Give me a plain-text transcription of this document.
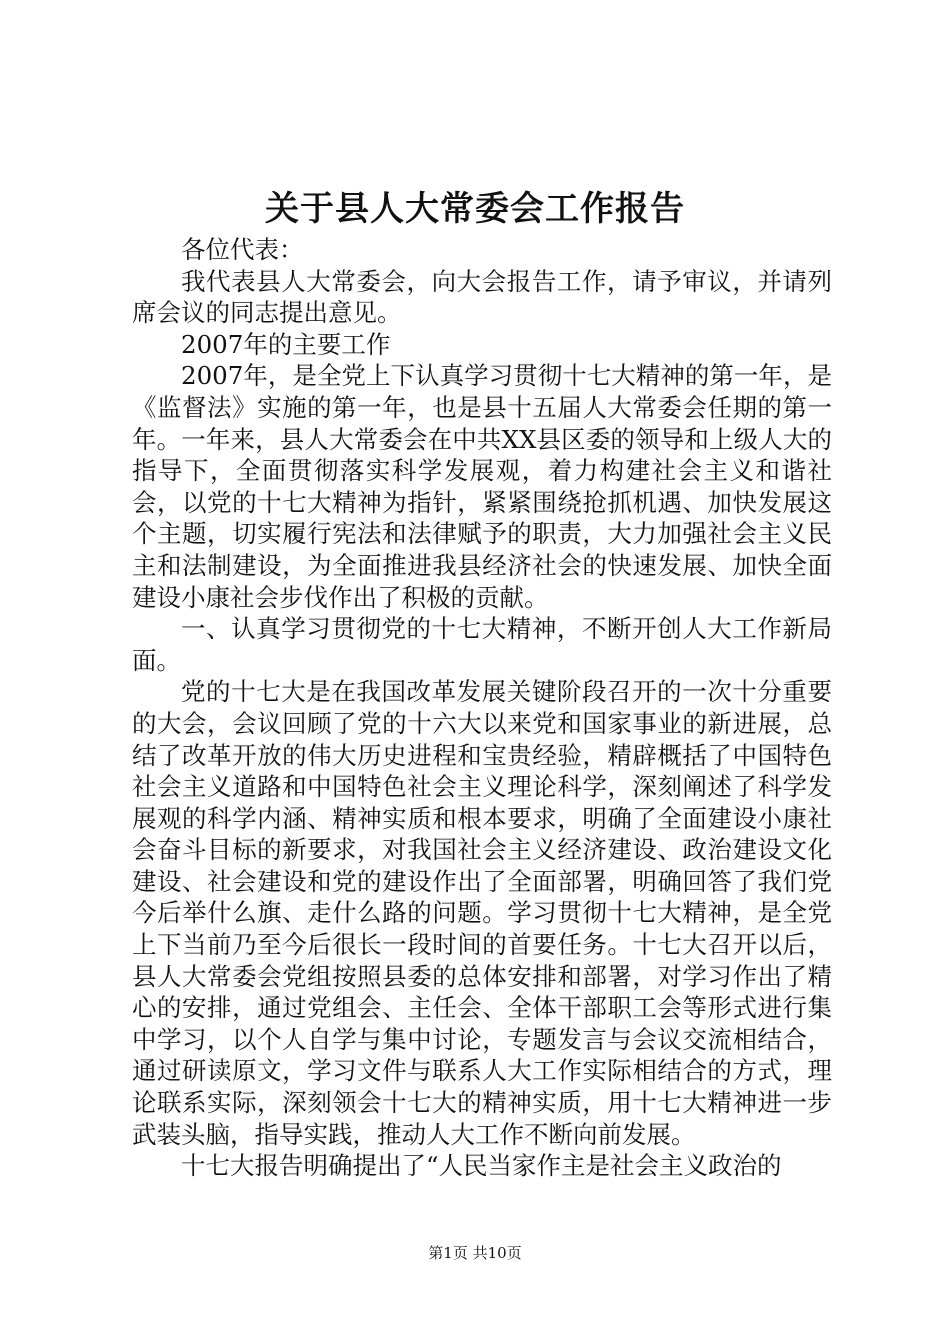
关于县人大常委会工作报告

各位代表：

我代表县人大常委会，向大会报告工作，请予审议，并请列席会议的同志提出意见。

2007年的主要工作

2007年，是全党上下认真学习贯彻十七大精神的第一年，是《监督法》实施的第一年，也是县十五届人大常委会任期的第一年。一年来，县人大常委会在中共XX县区委的领导和上级人大的指导下，全面贯彻落实科学发展观，着力构建社会主义和谐社会，以党的十七大精神为指针，紧紧围绕抢抓机遇、加快发展这个主题，切实履行宪法和法律赋予的职责，大力加强社会主义民主和法制建设，为全面推进我县经济社会的快速发展、加快全面建设小康社会步伐作出了积极的贡献。

一、认真学习贯彻党的十七大精神，不断开创人大工作新局面。

党的十七大是在我国改革发展关键阶段召开的一次十分重要的大会，会议回顾了党的十六大以来党和国家事业的新进展，总结了改革开放的伟大历史进程和宝贵经验，精辟概括了中国特色社会主义道路和中国特色社会主义理论科学，深刻阐述了科学发展观的科学内涵、精神实质和根本要求，明确了全面建设小康社会奋斗目标的新要求，对我国社会主义经济建设、政治建设文化建设、社会建设和党的建设作出了全面部署，明确回答了我们党今后举什么旗、走什么路的问题。学习贯彻十七大精神，是全党上下当前乃至今后很长一段时间的首要任务。十七大召开以后，县人大常委会党组按照县委的总体安排和部署，对学习作出了精心的安排，通过党组会、主任会、全体干部职工会等形式进行集中学习，以个人自学与集中讨论，专题发言与会议交流相结合，通过研读原文，学习文件与联系人大工作实际相结合的方式，理论联系实际，深刻领会十七大的精神实质，用十七大精神进一步武装头脑，指导实践，推动人大工作不断向前发展。

十七大报告明确提出了“人民当家作主是社会主义政治的

第1页 共10页
